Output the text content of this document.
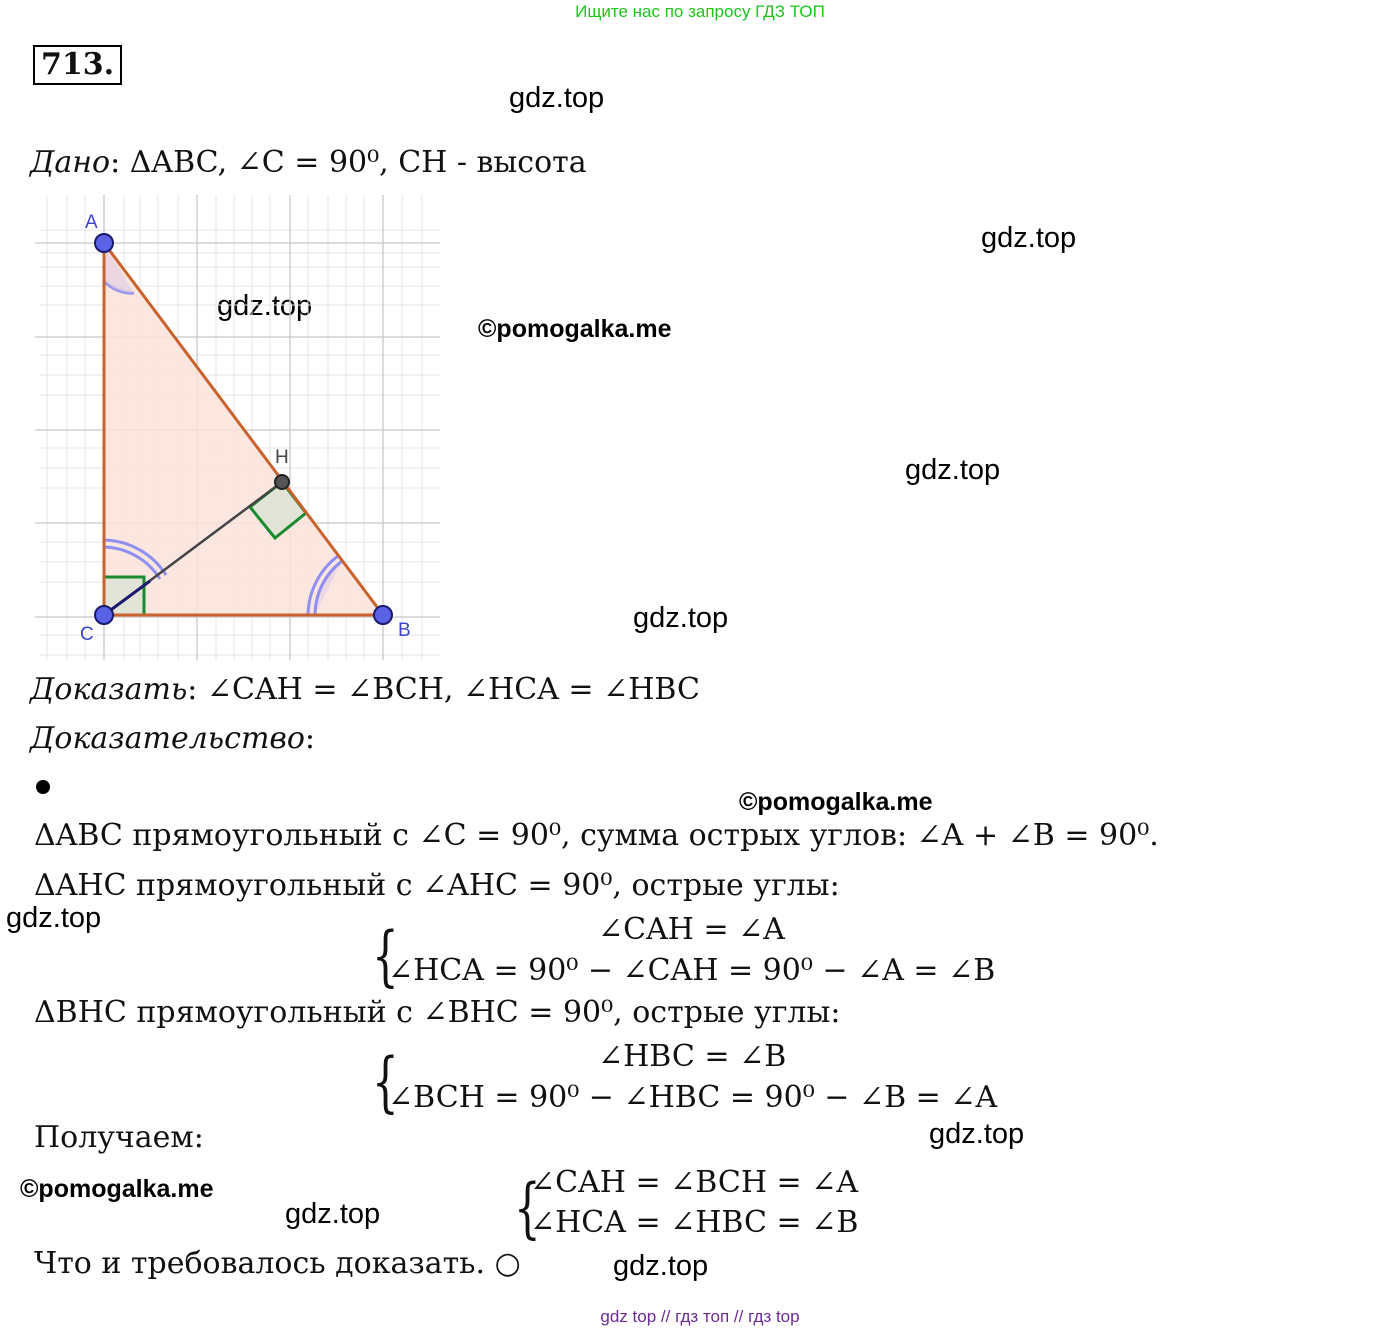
Ищите нас по запросу ГДЗ ТОП
713.
gdz.top
gdz.top
gdz.top
gdz.top
gdz.top
gdz.top
gdz.top
gdz.top
gdz.top
©pomogalka.me
©pomogalka.me
©pomogalka.me
Дано: ΔABC, ∠C = 90⁰, CH - высота
A
B
C
H
Доказать: ∠CAH = ∠BCH, ∠HCA = ∠HBC
Доказательство:
ΔABC прямоугольный с ∠C = 90⁰, сумма острых углов: ∠A + ∠B = 90⁰.
ΔAHC прямоугольный с ∠AHC = 90⁰, острые углы:
{	∠CAH = ∠A
∠HCA = 90⁰ − ∠CAH = 90⁰ − ∠A = ∠B
ΔBHC прямоугольный с ∠BHC = 90⁰, острые углы:
{	∠HBC = ∠B
∠BCH = 90⁰ − ∠HBC = 90⁰ − ∠B = ∠A
Получаем:
{
∠CAH = ∠BCH = ∠A
∠HCA = ∠HBC = ∠B
Что и требовалось доказать. ○
gdz top // гдз топ // гдз top
